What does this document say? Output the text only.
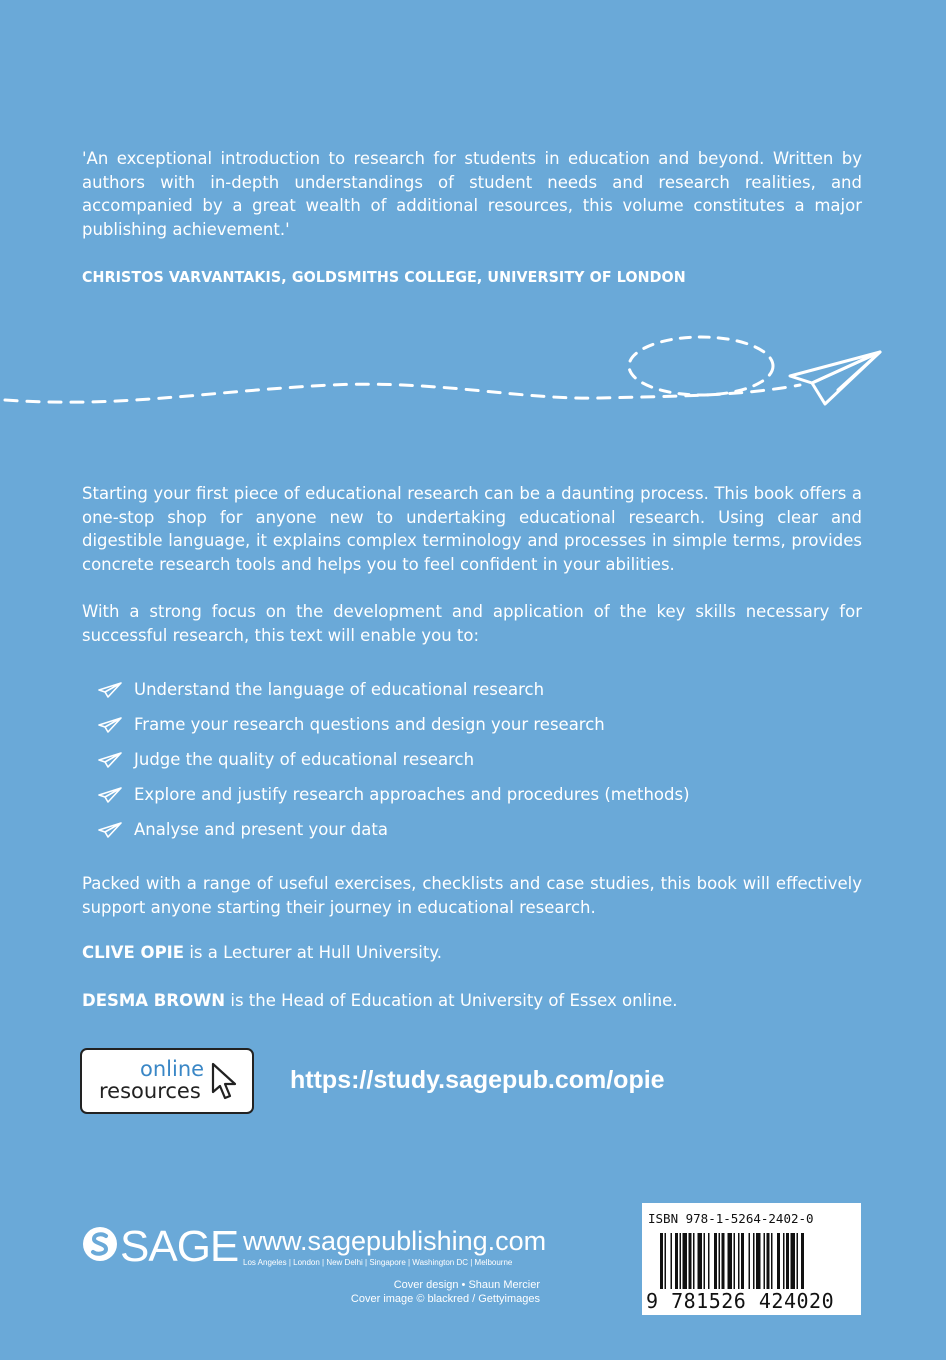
'An exceptional introduction to research for students in education and beyond. Written by authors with in-depth understandings of student needs and research realities, and accompanied by a great wealth of additional resources, this volume constitutes a major publishing achievement.'

CHRISTOS VARVANTAKIS, GOLDSMITHS COLLEGE, UNIVERSITY OF LONDON

Starting your first piece of educational research can be a daunting process. This book offers a one-stop shop for anyone new to undertaking educational research. Using clear and digestible language, it explains complex terminology and processes in simple terms, provides concrete research tools and helps you to feel confident in your abilities.

With a strong focus on the development and application of the key skills necessary for successful research, this text will enable you to:

Understand the language of educational research
Frame your research questions and design your research
Judge the quality of educational research
Explore and justify research approaches and procedures (methods)
Analyse and present your data

Packed with a range of useful exercises, checklists and case studies, this book will effectively support anyone starting their journey in educational research.

CLIVE OPIE is a Lecturer at Hull University.

DESMA BROWN is the Head of Education at University of Essex online.

online
resources	https://study.sagepub.com/opie

SAGE www.sagepublishing.com

Los Angeles | London | New Delhi | Singapore | Washington DC | Melbourne

Cover design • Shaun Mercier

Cover image © blackred / Gettyimages

ISBN 978-1-5264-2402-0

9 781526 424020
